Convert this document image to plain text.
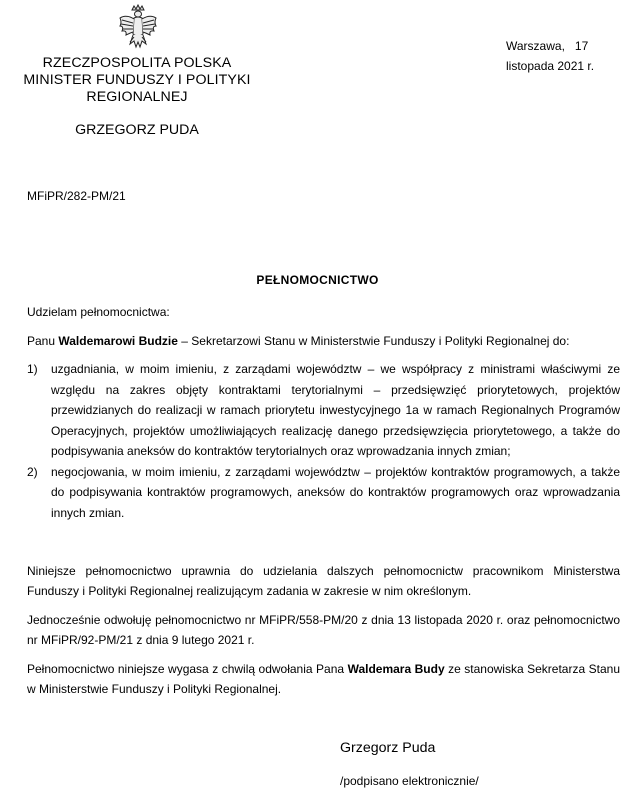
RZECZPOSPOLITA POLSKA
MINISTER FUNDUSZY I POLITYKI
REGIONALNEJ
GRZEGORZ PUDA
Warszawa,   17
listopada 2021 r.
MFiPR/282-PM/21
PEŁNOMOCNICTWO

Udzielam pełnomocnictwa:

Panu Waldemarowi Budzie – Sekretarzowi Stanu w Ministerstwie Funduszy i Polityki Regionalnej do:

1)	uzgadniania, w moim imieniu, z zarządami województw – we współpracy z ministrami właściwymi ze względu na zakres objęty kontraktami terytorialnymi – przedsięwzięć priorytetowych, projektów przewidzianych do realizacji w ramach priorytetu inwestycyjnego 1a w ramach Regionalnych Programów Operacyjnych, projektów umożliwiających realizację danego przedsięwzięcia priorytetowego, a także do podpisywania aneksów do kontraktów terytorialnych oraz wprowadzania innych zmian;
2)	negocjowania, w moim imieniu, z zarządami województw – projektów kontraktów programowych, a także do podpisywania kontraktów programowych, aneksów do kontraktów programowych oraz wprowadzania innych zmian.

Niniejsze pełnomocnictwo uprawnia do udzielania dalszych pełnomocnictw pracownikom Ministerstwa Funduszy i Polityki Regionalnej realizującym zadania w zakresie w nim określonym.

Jednocześnie odwołuję pełnomocnictwo nr MFiPR/558-PM/20 z dnia 13 listopada 2020 r. oraz pełnomocnictwo nr MFiPR/92-PM/21 z dnia 9 lutego 2021 r.

Pełnomocnictwo niniejsze wygasa z chwilą odwołania Pana Waldemara Budy ze stanowiska Sekretarza Stanu w Ministerstwie Funduszy i Polityki Regionalnej.

Grzegorz Puda
/podpisano elektronicznie/
